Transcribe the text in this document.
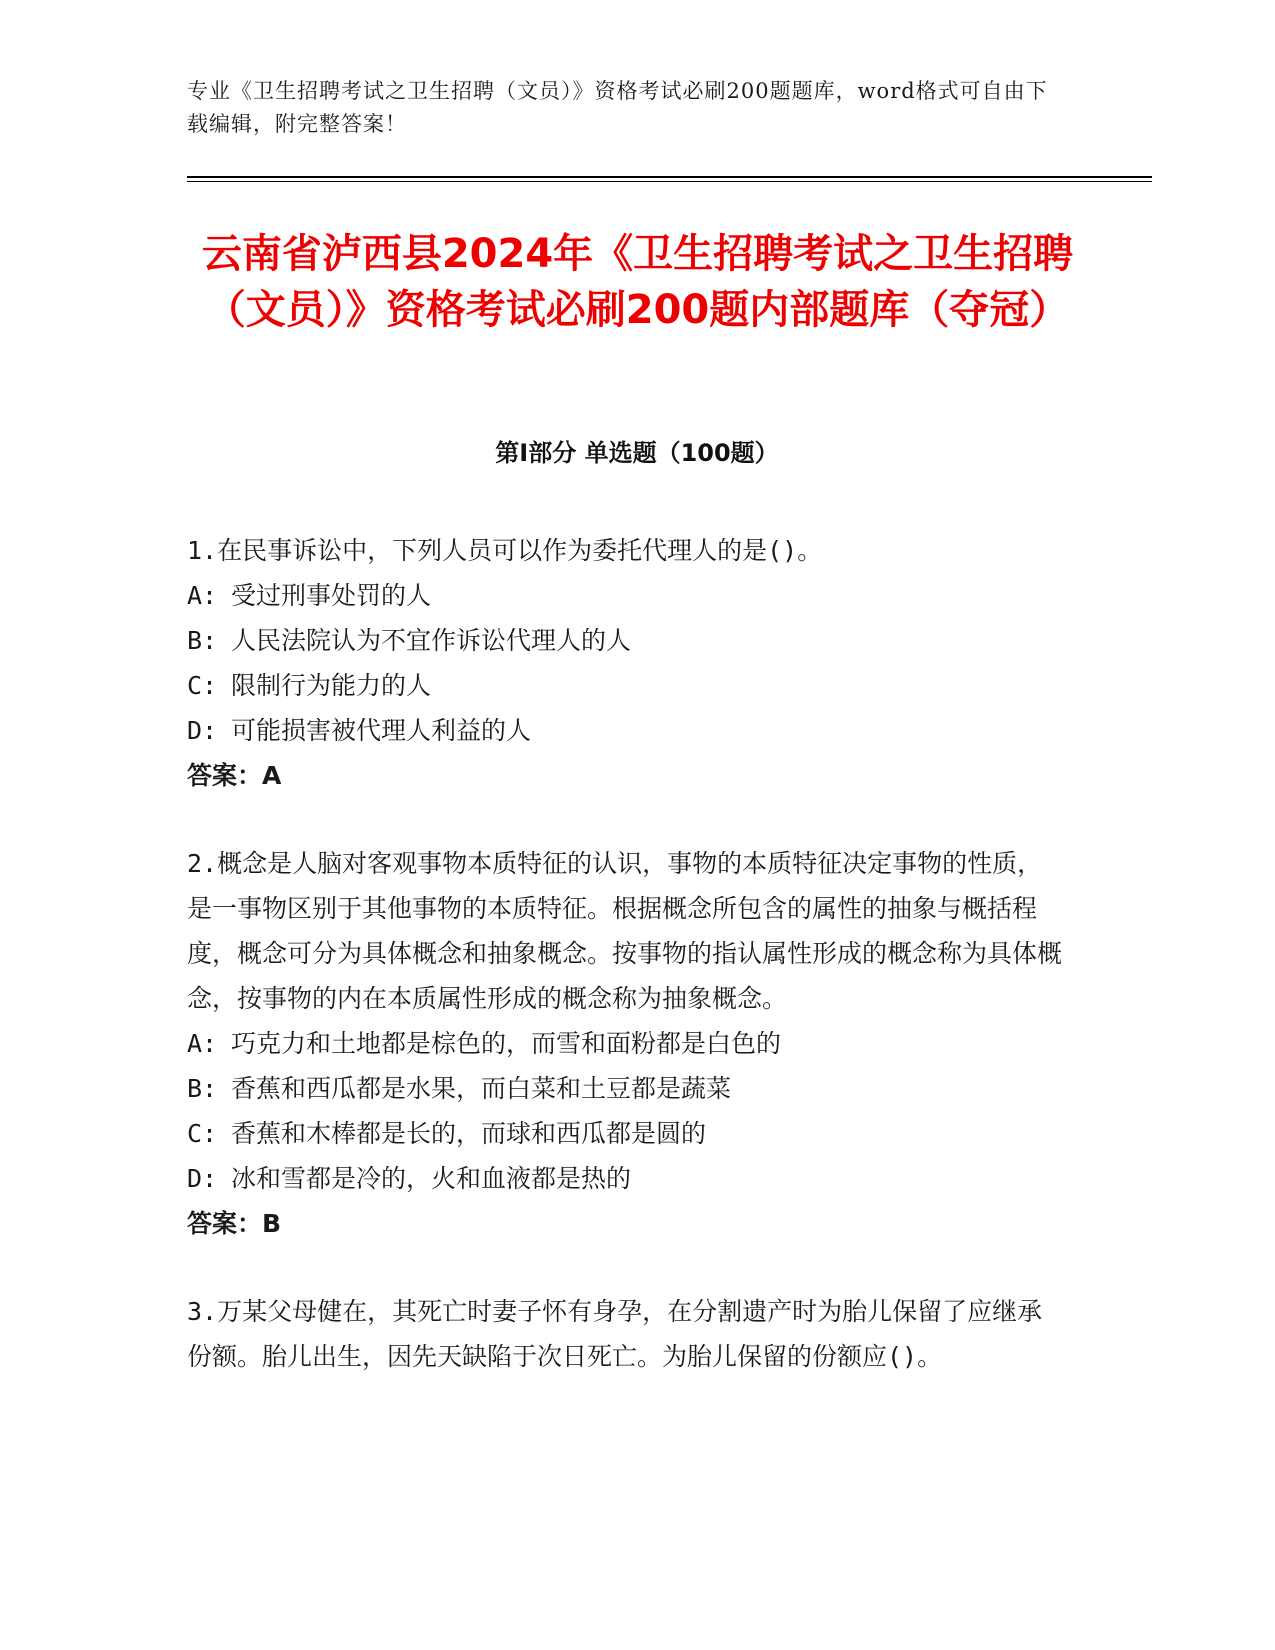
专业《卫生招聘考试之卫生招聘（文员）》资格考试必刷200题题库，word格式可自由下载编辑，附完整答案！
云南省泸西县2024年《卫生招聘考试之卫生招聘（文员）》资格考试必刷200题内部题库（夺冠）
第Ⅰ部分 单选题（100题）

1.在民事诉讼中，下列人员可以作为委托代理人的是()。

A: 受过刑事处罚的人

B: 人民法院认为不宜作诉讼代理人的人

C: 限制行为能力的人

D: 可能损害被代理人利益的人

答案：A

2.概念是人脑对客观事物本质特征的认识，事物的本质特征决定事物的性质，是一事物区别于其他事物的本质特征。根据概念所包含的属性的抽象与概括程度，概念可分为具体概念和抽象概念。按事物的指认属性形成的概念称为具体概念，按事物的内在本质属性形成的概念称为抽象概念。

A: 巧克力和土地都是棕色的，而雪和面粉都是白色的

B: 香蕉和西瓜都是水果，而白菜和土豆都是蔬菜

C: 香蕉和木棒都是长的，而球和西瓜都是圆的

D: 冰和雪都是冷的，火和血液都是热的

答案：B

3.万某父母健在，其死亡时妻子怀有身孕，在分割遗产时为胎儿保留了应继承份额。胎儿出生，因先天缺陷于次日死亡。为胎儿保留的份额应()。
